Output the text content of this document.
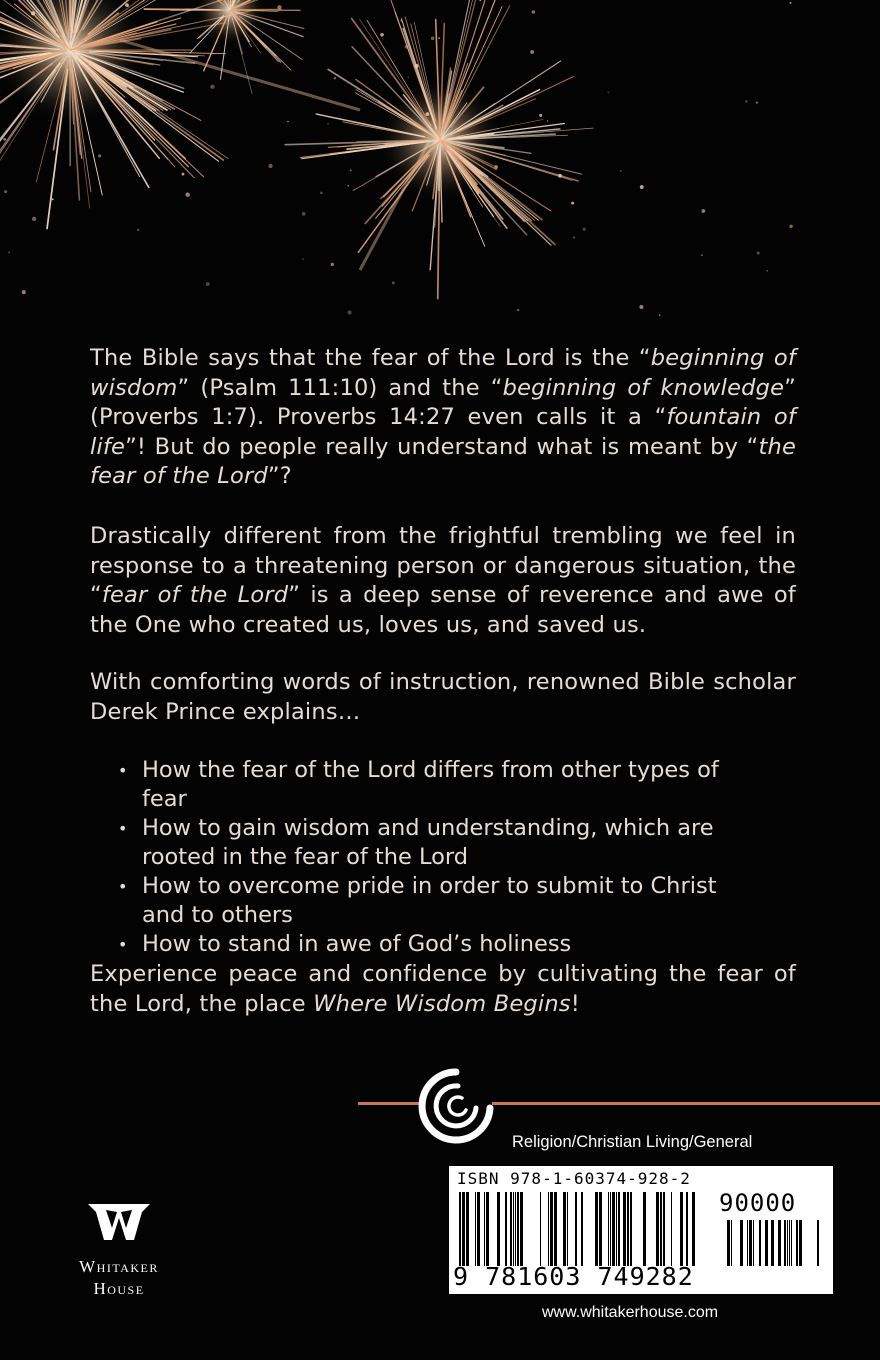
The Bible says that the fear of the Lord is the “beginning of wisdom” (Psalm 111:10) and the “beginning of knowledge” (Proverbs 1:7). Proverbs 14:27 even calls it a “fountain of life”! But do people really understand what is meant by “the fear of the Lord”?

Drastically different from the frightful trembling we feel in response to a threatening person or dangerous situation, the “fear of the Lord” is a deep sense of reverence and awe of the One who created us, loves us, and saved us.

With comforting words of instruction, renowned Bible scholar Derek Prince explains…

• How the fear of the Lord differs from other types of fear
• How to gain wisdom and understanding, which are rooted in the fear of the Lord
• How to overcome pride in order to submit to Christ and to others
• How to stand in awe of God’s holiness

Experience peace and confidence by cultivating the fear of the Lord, the place Where Wisdom Begins!

Religion/Christian Living/General
ISBN 978-1-60374-928-2
90000
9 781603 749282
www.whitakerhouse.com
Whitaker
House
